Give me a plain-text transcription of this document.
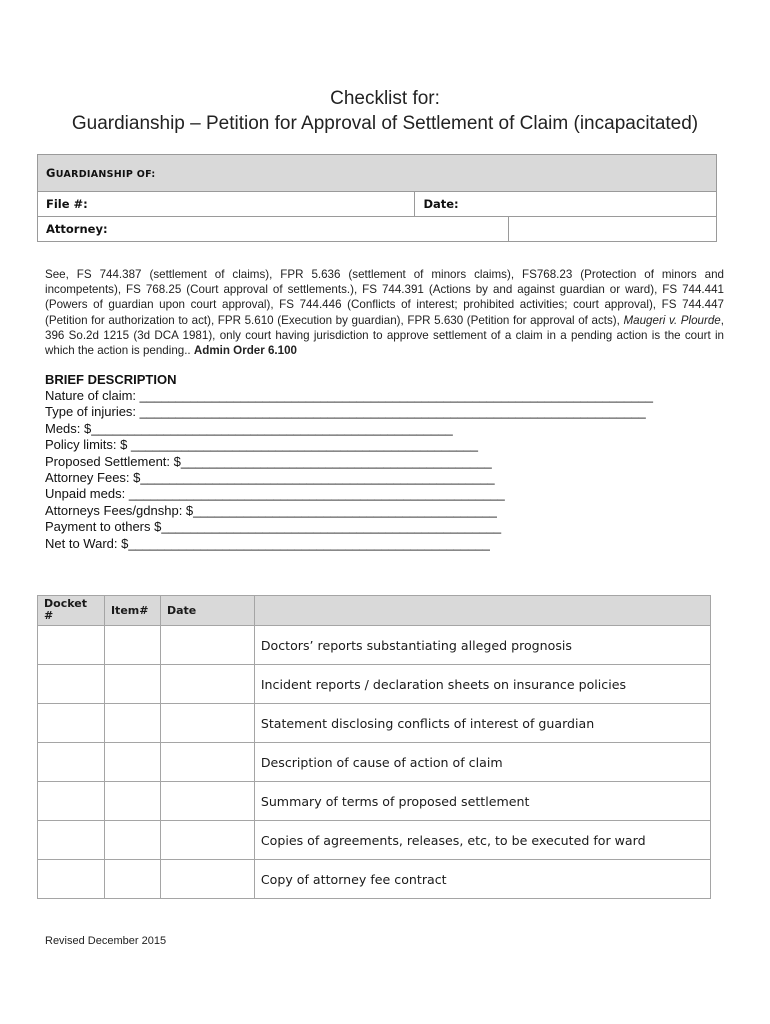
Checklist for:
Guardianship – Petition for Approval of Settlement of Claim (incapacitated)
GUARDIANSHIP OF:		
File #:	Date:	
Attorney:		
See, FS 744.387 (settlement of claims), FPR 5.636 (settlement of minors claims), FS768.23 (Protection of minors and incompetents), FS 768.25 (Court approval of settlements.), FS 744.391 (Actions by and against guardian or ward), FS 744.441 (Powers of guardian upon court approval), FS 744.446 (Conflicts of interest; prohibited activities; court approval), FS 744.447 (Petition for authorization to act), FPR 5.610 (Execution by guardian), FPR 5.630 (Petition for approval of acts), Maugeri v. Plourde, 396 So.2d 1215 (3d DCA 1981), only court having jurisdiction to approve settlement of a claim in a pending action is the court in which the action is pending.. Admin Order 6.100
BRIEF DESCRIPTION
Nature of claim: _______________________________________________________________________
Type of injuries: ______________________________________________________________________
Meds: $__________________________________________________
Policy limits: $ ________________________________________________
Proposed Settlement: $___________________________________________
Attorney Fees: $_________________________________________________
Unpaid meds: ____________________________________________________
Attorneys Fees/gdnshp: $__________________________________________
Payment to others $_______________________________________________
Net to Ward: $__________________________________________________
Docket #	Item#	Date	
			Doctors’ reports substantiating alleged prognosis
			Incident reports / declaration sheets on insurance policies
			Statement disclosing conflicts of interest of guardian
			Description of cause of action of claim
			Summary of terms of proposed settlement
			Copies of agreements, releases, etc, to be executed for ward
			Copy of attorney fee contract
Revised December 2015
